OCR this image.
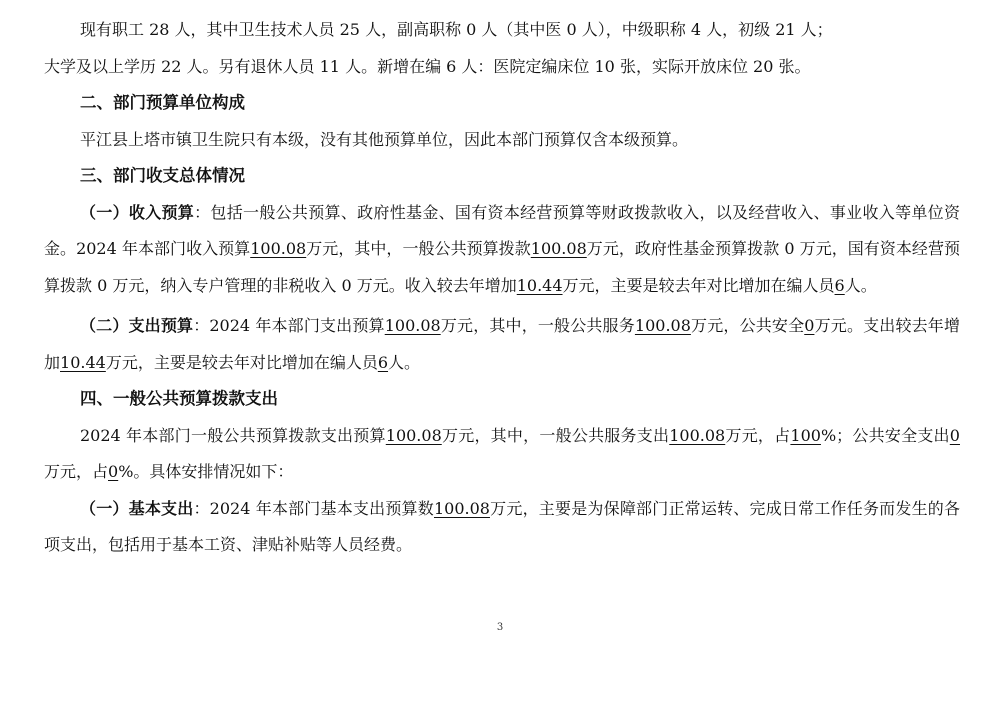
现有职工 28 人，其中卫生技术人员 25 人，副高职称 0 人（其中医 0 人），中级职称 4 人，初级 21 人；
大学及以上学历 22 人。另有退休人员 11 人。新增在编 6 人：医院定编床位 10 张，实际开放床位 20 张。

二、部门预算单位构成

平江县上塔市镇卫生院只有本级，没有其他预算单位，因此本部门预算仅含本级预算。

三、部门收支总体情况

（一）收入预算：包括一般公共预算、政府性基金、国有资本经营预算等财政拨款收入，以及经营收入、事业收入等单位资金。2024 年本部门收入预算100.08万元，其中，一般公共预算拨款100.08万元，政府性基金预算拨款 0 万元，国有资本经营预算拨款 0 万元，纳入专户管理的非税收入 0 万元。收入较去年增加10.44万元，主要是较去年对比增加在编人员6人。

（二）支出预算：2024 年本部门支出预算100.08万元，其中，一般公共服务100.08万元，公共安全0万元。支出较去年增加10.44万元，主要是较去年对比增加在编人员6人。

四、一般公共预算拨款支出

2024 年本部门一般公共预算拨款支出预算100.08万元，其中，一般公共服务支出100.08万元，占100%；公共安全支出0万元，占0%。具体安排情况如下：

（一）基本支出：2024 年本部门基本支出预算数100.08万元，主要是为保障部门正常运转、完成日常工作任务而发生的各项支出，包括用于基本工资、津贴补贴等人员经费。

3
